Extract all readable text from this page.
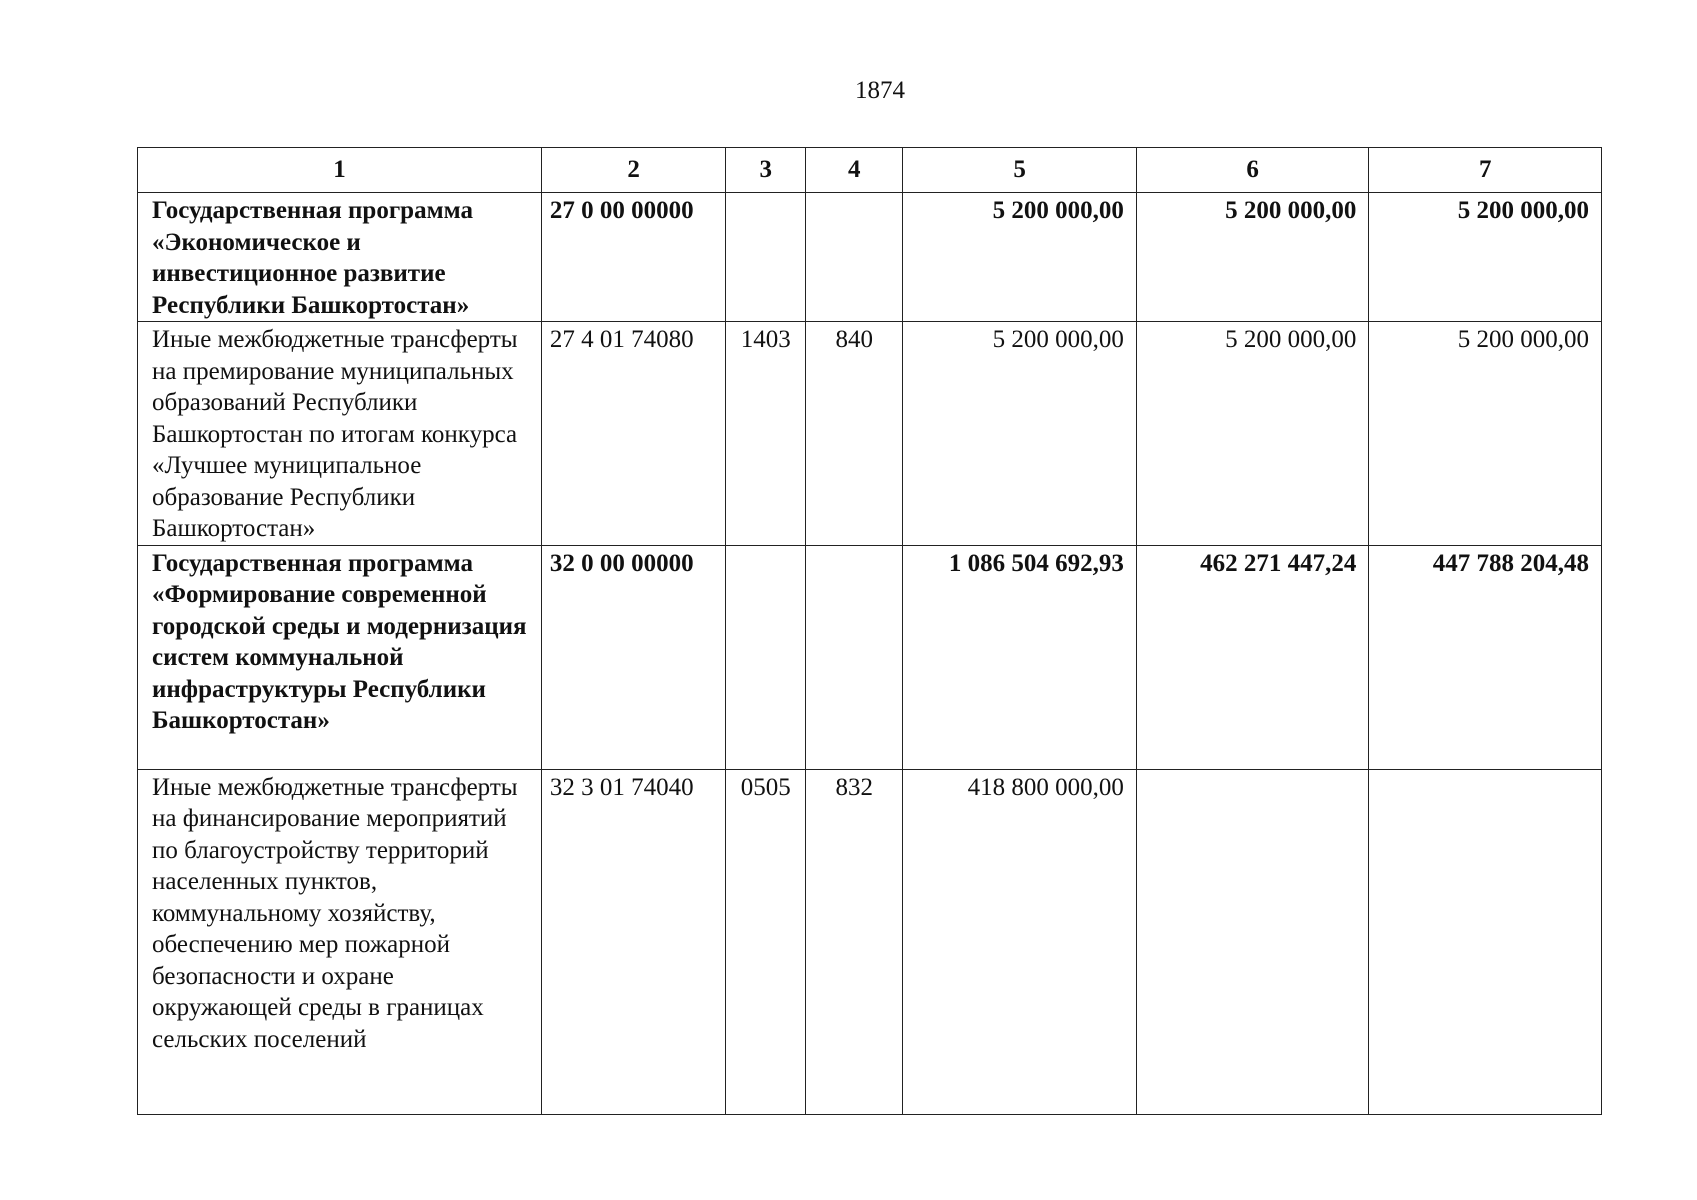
1874
1	2	3	4	5	6	7

Государственная программа «Экономическое и инвестиционное развитие Республики Башкортостан»	27 0 00 00000			5 200 000,00	5 200 000,00	5 200 000,00

Иные межбюджетные трансферты на премирование муниципальных образований Республики Башкортостан по итогам конкурса «Лучшее муниципальное образование Республики Башкортостан»	27 4 01 74080	1403	840	5 200 000,00	5 200 000,00	5 200 000,00

Государственная программа «Формирование современной городской среды и модернизация систем коммунальной инфраструктуры Республики Башкортостан»	32 0 00 00000			1 086 504 692,93	462 271 447,24	447 788 204,48

Иные межбюджетные трансферты на финансирование мероприятий по благоустройству территорий населенных пунктов, коммунальному хозяйству, обеспечению мер пожарной безопасности и охране окружающей среды в границах сельских поселений	32 3 01 74040	0505	832	418 800 000,00		
